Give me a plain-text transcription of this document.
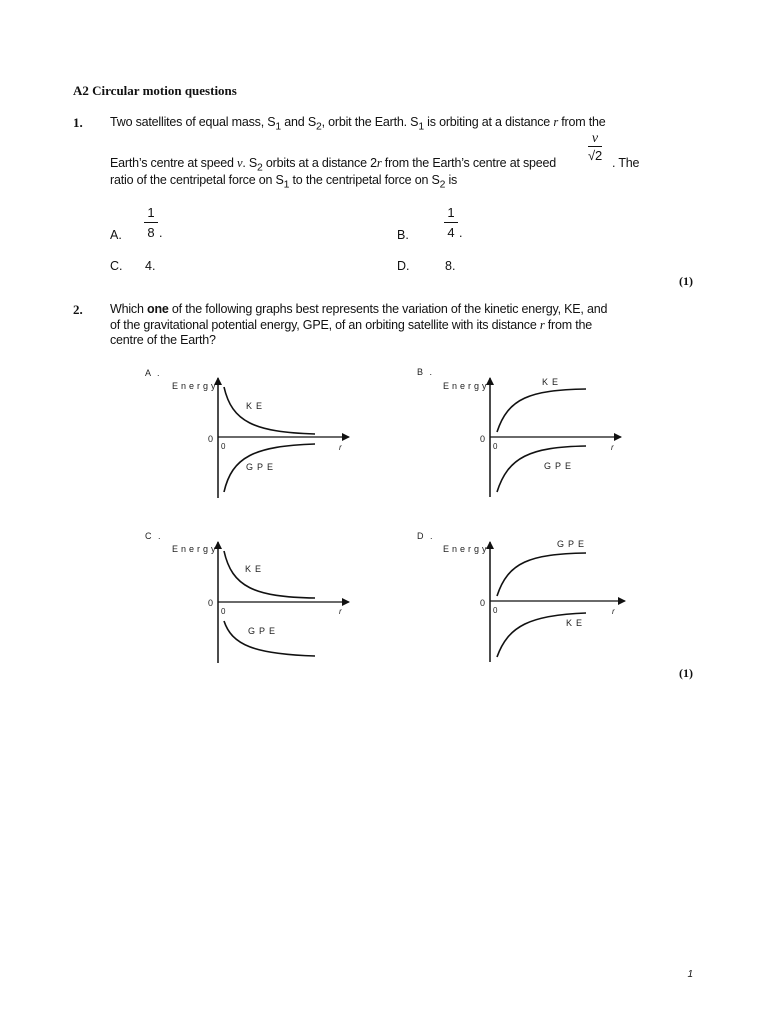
A2 Circular motion questions
1. Two satellites of equal mass, $S_1$ and $S_2$, orbit the Earth. $S_1$ is orbiting at a distance r from the
$\frac{v}{√2}$
Earth’s centre at speed v. $S_2$ orbits at a distance 2r from the Earth’s centre at speed	. The
ratio of the centripetal force on $S_1$ to the centripetal force on $S_2$ is
A.
1
8 .	B.
1
4 .
C. 4.	D.	8.
(1)
2. Which one of the following graphs best represents the variation of the kinetic energy, KE, and
of the gravitational potential energy, GPE, of an orbiting satellite with its distance r from the
centre of the Earth?
A .
Energy
0
0	r
KE
GPE
B .
Energy
0
0	r
KE
GPE
C .
Energy
0
0	r
KE
GPE
D .
Energy
0
0	r
GPE
KE
(1)
1
